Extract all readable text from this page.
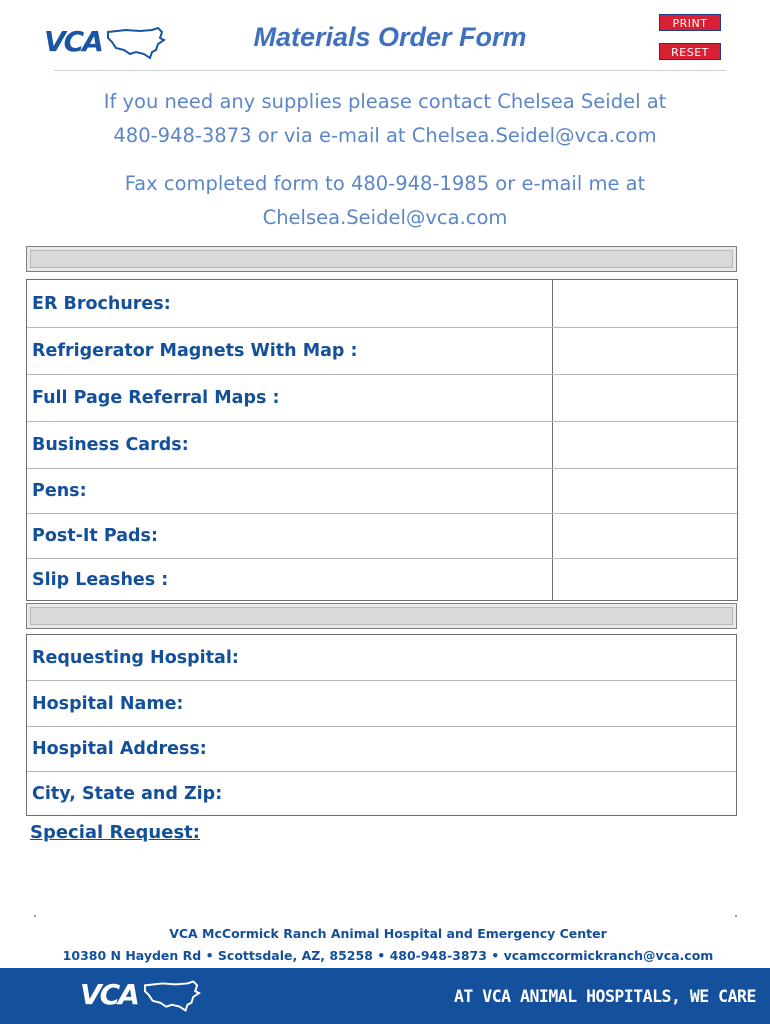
VCA	Materials Order Form	PRINT
RESET
If you need any supplies please contact Chelsea Seidel at
480-948-3873 or via e-mail at Chelsea.Seidel@vca.com
Fax completed form to 480-948-1985 or e-mail me at
Chelsea.Seidel@vca.com
ER Brochures:
Refrigerator Magnets With Map :
Full Page Referral Maps :
Business Cards:
Pens:
Post-It Pads:
Slip Leashes :
Requesting Hospital:
Hospital Name:
Hospital Address:
City, State and Zip:
Special Request:
VCA McCormick Ranch Animal Hospital and Emergency Center
10380 N Hayden Rd • Scottsdale, AZ, 85258 • 480-948-3873 • vcamccormickranch@vca.com
VCA	AT VCA ANIMAL HOSPITALS, WE CARE
